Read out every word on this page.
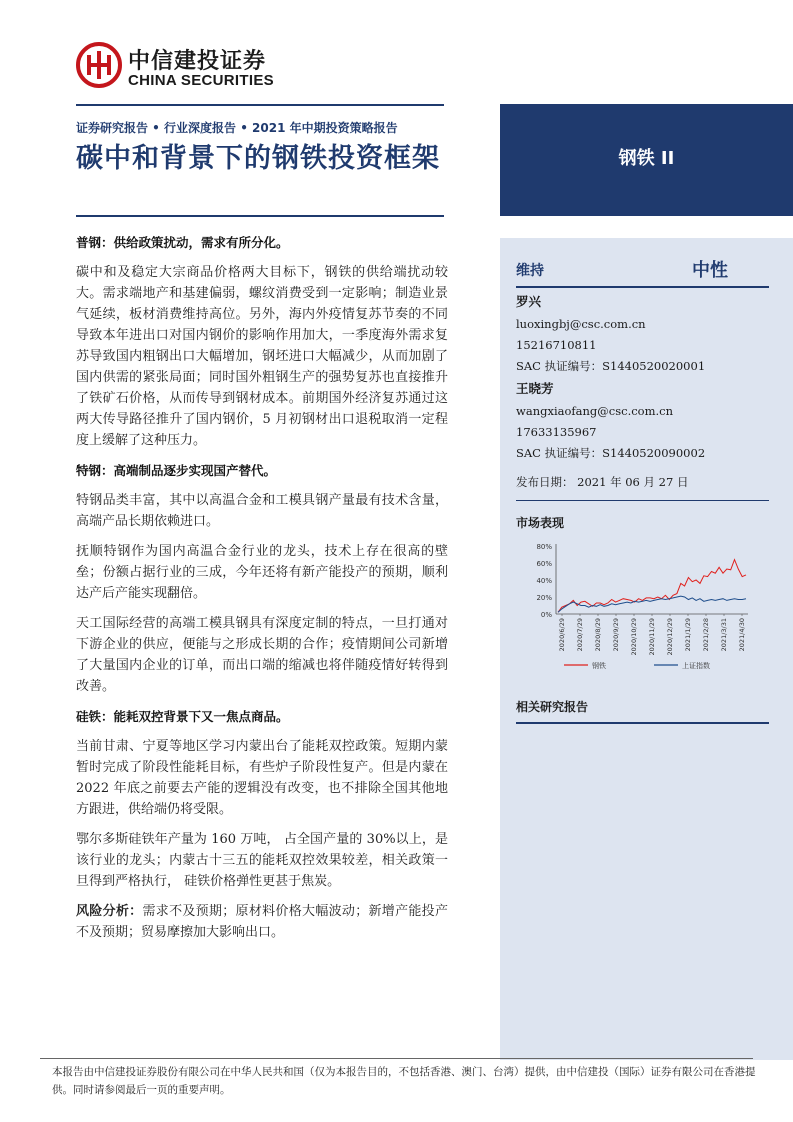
中信建投证券
CHINA SECURITIES
证券研究报告 • 行业深度报告 • 2021 年中期投资策略报告
碳中和背景下的钢铁投资框架	钢铁 II
维持	中性
罗兴
luoxingbj@csc.com.cn
15216710811
SAC 执证编号：S1440520020001
王晓芳
wangxiaofang@csc.com.cn
17633135967
SAC 执证编号：S1440520090002
发布日期： 2021 年 06 月 27 日
市场表现
0%
20%
40%
60%
80%
2020/6/29 2020/7/29 2020/8/29 2020/9/29 2020/10/29 2020/11/29 2020/12/29 2021/1/29 2021/2/28 2021/3/31 2021/4/30
钢铁	上证指数
相关研究报告
普钢：供给政策扰动，需求有所分化。

碳中和及稳定大宗商品价格两大目标下，钢铁的供给端扰动较大。需求端地产和基建偏弱，螺纹消费受到一定影响；制造业景气延续，板材消费维持高位。另外，海内外疫情复苏节奏的不同导致本年进出口对国内钢价的影响作用加大，一季度海外需求复苏导致国内粗钢出口大幅增加，钢坯进口大幅减少，从而加剧了国内供需的紧张局面；同时国外粗钢生产的强势复苏也直接推升了铁矿石价格，从而传导到钢材成本。前期国外经济复苏通过这两大传导路径推升了国内钢价，5 月初钢材出口退税取消一定程度上缓解了这种压力。

特钢：高端制品逐步实现国产替代。

特钢品类丰富，其中以高温合金和工模具钢产量最有技术含量，高端产品长期依赖进口。

抚顺特钢作为国内高温合金行业的龙头，技术上存在很高的壁垒；份额占据行业的三成，今年还将有新产能投产的预期，顺利达产后产能实现翻倍。

天工国际经营的高端工模具钢具有深度定制的特点，一旦打通对下游企业的供应，便能与之形成长期的合作；疫情期间公司新增了大量国内企业的订单，而出口端的缩减也将伴随疫情好转得到改善。

硅铁：能耗双控背景下又一焦点商品。

当前甘肃、宁夏等地区学习内蒙出台了能耗双控政策。短期内蒙暂时完成了阶段性能耗目标，有些炉子阶段性复产。但是内蒙在 2022 年底之前要去产能的逻辑没有改变，也不排除全国其他地方跟进，供给端仍将受限。

鄂尔多斯硅铁年产量为 160 万吨， 占全国产量的 30%以上，是该行业的龙头；内蒙古十三五的能耗双控效果较差，相关政策一旦得到严格执行， 硅铁价格弹性更甚于焦炭。

风险分析：需求不及预期；原材料价格大幅波动；新增产能投产不及预期；贸易摩擦加大影响出口。

本报告由中信建投证券股份有限公司在中华人民共和国（仅为本报告目的，不包括香港、澳门、台湾）提供，由中信建投（国际）证券有限公司在香港提供。同时请参阅最后一页的重要声明。
